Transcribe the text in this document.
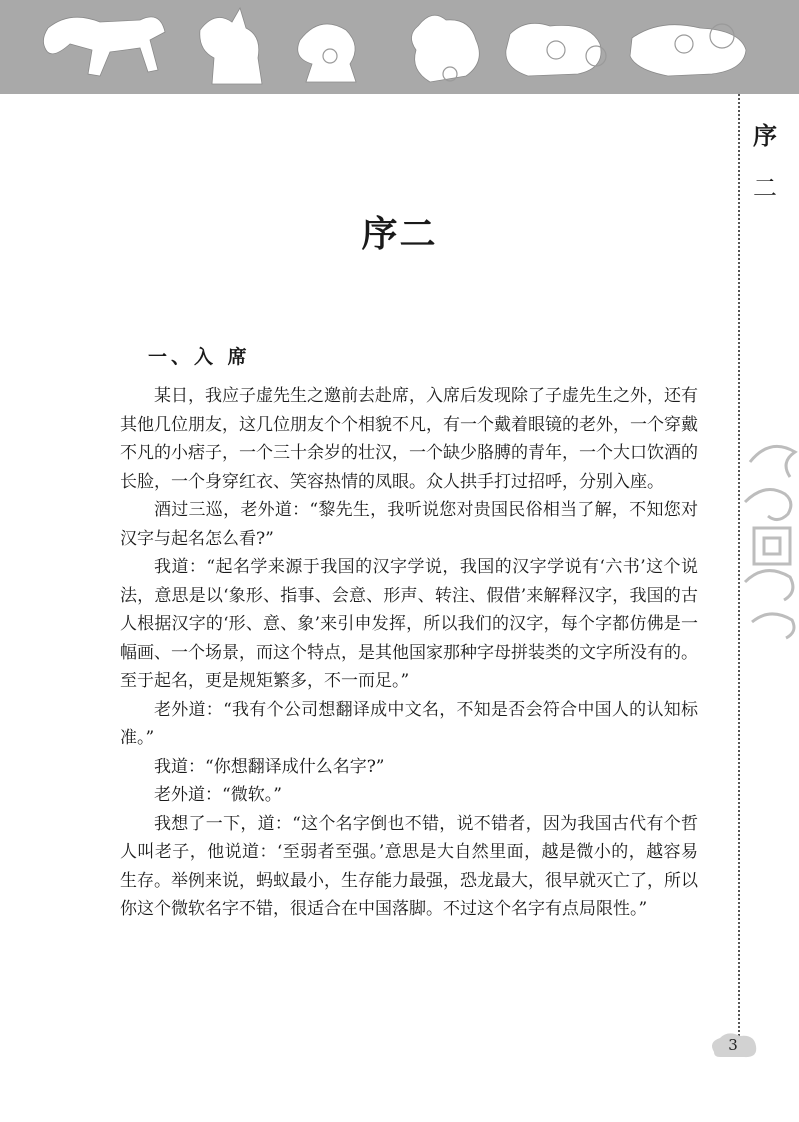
序
二
序二
一、入 席

某日，我应子虚先生之邀前去赴席，入席后发现除了子虚先生之外，还有其他几位朋友，这几位朋友个个相貌不凡，有一个戴着眼镜的老外，一个穿戴不凡的小痞子，一个三十余岁的壮汉，一个缺少胳膊的青年，一个大口饮酒的长脸，一个身穿红衣、笑容热情的凤眼。众人拱手打过招呼，分别入座。

酒过三巡，老外道：“黎先生，我听说您对贵国民俗相当了解，不知您对汉字与起名怎么看?”

我道：“起名学来源于我国的汉字学说，我国的汉字学说有‘六书’这个说法，意思是以‘象形、指事、会意、形声、转注、假借’来解释汉字，我国的古人根据汉字的‘形、意、象’来引申发挥，所以我们的汉字，每个字都仿佛是一幅画、一个场景，而这个特点，是其他国家那种字母拼装类的文字所没有的。至于起名，更是规矩繁多，不一而足。”

老外道：“我有个公司想翻译成中文名，不知是否会符合中国人的认知标准。”

我道：“你想翻译成什么名字?”

老外道：“微软。”

我想了一下，道：“这个名字倒也不错，说不错者，因为我国古代有个哲人叫老子，他说道：‘至弱者至强。’意思是大自然里面，越是微小的，越容易生存。举例来说，蚂蚁最小，生存能力最强，恐龙最大，很早就灭亡了，所以你这个微软名字不错，很适合在中国落脚。不过这个名字有点局限性。”

3
